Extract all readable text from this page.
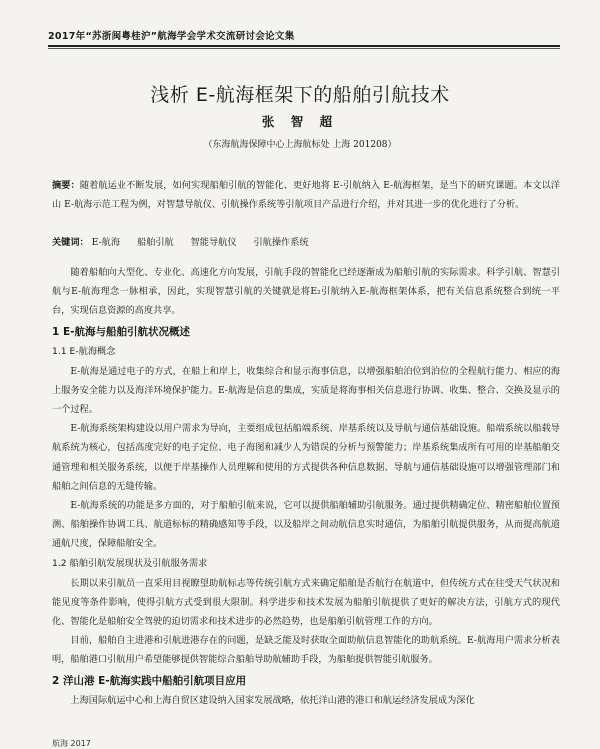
2017年“苏浙闽粤桂沪”航海学会学术交流研讨会论文集
浅析 E-航海框架下的船舶引航技术
张 智 超
（东海航海保障中心上海航标处 上海 201208）
摘要：随着航运业不断发展，如何实现船舶引航的智能化、更好地将 E-引航纳入 E-航海框架，是当下的研究课题。本文以洋山 E-航海示范工程为例，对智慧导航仪、引航操作系统等引航项目产品进行介绍，并对其进一步的优化进行了分析。
关键词： E-航海 船舶引航 智能导航仪 引航操作系统

随着船舶向大型化、专业化、高速化方向发展，引航手段的智能化已经逐渐成为船舶引航的实际需求。科学引航、智慧引航与E-航海理念一脉相承，因此，实现智慧引航的关键就是将E₂引航纳入E-航海框架体系，把有关信息系统整合到统一平台，实现信息资源的高度共享。

1 E-航海与船舶引航状况概述
1.1 E-航海概念

E-航海是通过电子的方式，在船上和岸上，收集综合和显示海事信息，以增强船舶泊位到泊位的全程航行能力、相应的海上服务安全能力以及海洋环境保护能力。E-航海是信息的集成，实质是将海事相关信息进行协调、收集、整合、交换及显示的一个过程。

E-航海系统架构建设以用户需求为导向，主要组成包括船端系统、岸基系统以及导航与通信基础设施。船端系统以船载导航系统为核心，包括高度完好的电子定位、电子海图和减少人为错误的分析与预警能力；岸基系统集成所有可用的岸基船舶交通管理和相关服务系统，以便于岸基操作人员理解和使用的方式提供各种信息数据、导航与通信基础设施可以增强管理部门和船舶之间信息的无缝传输。

E-航海系统的功能是多方面的，对于船舶引航来说，它可以提供船舶辅助引航服务。通过提供精确定位、精密船舶位置预测、船舶操作协调工具、航道标标的精确感知等手段，以及船岸之间动航信息实时通信，为船舶引航提供服务，从而提高航道通航尺度，保障船舶安全。

1.2 船舶引航发展现状及引航服务需求

长期以来引航员一直采用目视瞭望助航标志等传统引航方式来确定船舶是否航行在航道中，但传统方式在往受天气状况和能见度等条件影响，使得引航方式受到很大限制。科学进步和技术发展为船舶引航提供了更好的解决方法，引航方式的现代化、智能化是船舶安全驾驶的迫切需求和技术进步的必然趋势，也是船舶引航管理工作的方向。

目前，船舶自主进港和引航进港存在的问题，是缺乏能及时获取全面助航信息智能化的助航系统。E-航海用户需求分析表明，船舶港口引航用户希望能够提供智能综合船舶导助航辅助手段，为船舶提供智能引航服务。

2 洋山港 E-航海实践中船舶引航项目应用

上海国际航运中心和上海自贸区建设纳入国家发展战略，依托洋山港的港口和航运经济发展成为深化

航海 2017
